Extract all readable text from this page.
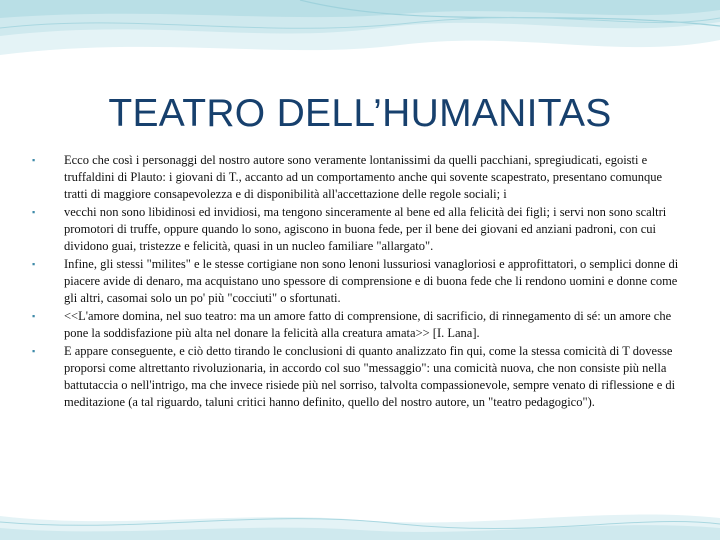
TEATRO DELL’HUMANITAS
▪ Ecco che così i personaggi del nostro autore sono veramente lontanissimi da quelli pacchiani, spregiudicati, egoisti e truffaldini di Plauto: i giovani di T., accanto ad un comportamento anche qui sovente scapestrato, presentano comunque tratti di maggiore consapevolezza e di disponibilità all'accettazione delle regole sociali; i
▪ vecchi non sono libidinosi ed invidiosi, ma tengono sinceramente al bene ed alla felicità dei figli; i servi non sono scaltri promotori di truffe, oppure quando lo sono, agiscono in buona fede, per il bene dei giovani ed anziani padroni, con cui dividono guai, tristezze e felicità, quasi in un nucleo familiare "allargato".
▪ Infine, gli stessi "milites" e le stesse cortigiane non sono lenoni lussuriosi vanagloriosi e approfittatori, o semplici donne di piacere avide di denaro, ma acquistano uno spessore di comprensione e di buona fede che li rendono uomini e donne come gli altri, casomai solo un po' più "cocciuti" o sfortunati.
▪ <<L'amore domina, nel suo teatro: ma un amore fatto di comprensione, di sacrificio, di rinnegamento di sé: un amore che pone la soddisfazione più alta nel donare la felicità alla creatura amata>> [I. Lana].
▪ E appare conseguente, e ciò detto tirando le conclusioni di quanto analizzato fin qui, come la stessa comicità di T dovesse proporsi come altrettanto rivoluzionaria, in accordo col suo "messaggio": una comicità nuova, che non consiste più nella battutaccia o nell'intrigo, ma che invece risiede più nel sorriso, talvolta compassionevole, sempre venato di riflessione e di meditazione (a tal riguardo, taluni critici hanno definito, quello del nostro autore, un "teatro pedagogico").
